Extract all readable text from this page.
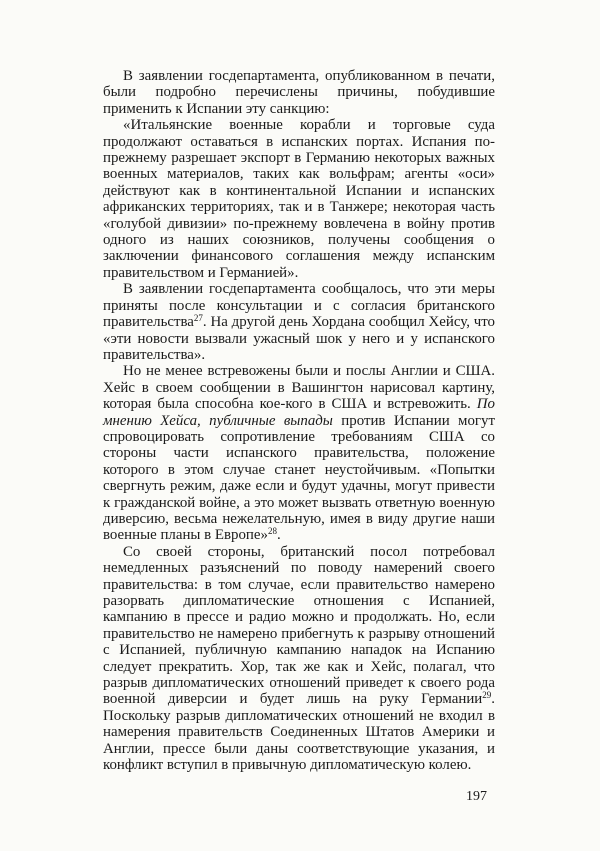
В заявлении госдепартамента, опубликованном в печати, были подробно перечислены причины, побудившие применить к Испании эту санкцию:

«Итальянские военные корабли и торговые суда продолжают оставаться в испанских портах. Испания по-прежнему разрешает экспорт в Германию некоторых важных военных материалов, таких как вольфрам; агенты «оси» действуют как в континентальной Испании и испанских африканских территориях, так и в Танжере; некоторая часть «голубой дивизии» по-прежнему вовлечена в войну против одного из наших союзников, получены сообщения о заключении финансового соглашения между испанским правительством и Германией».

В заявлении госдепартамента сообщалось, что эти меры приняты после консультации и с согласия британского правительства$^{27}$. На другой день Хордана сообщил Хейсу, что «эти новости вызвали ужасный шок у него и у испанского правительства».

Но не менее встревожены были и послы Англии и США. Хейс в своем сообщении в Вашингтон нарисовал картину, которая была способна кое-кого в США и встревожить. По мнению Хейса, публичные выпады против Испании могут спровоцировать сопротивление требованиям США со стороны части испанского правительства, положение которого в этом случае станет неустойчивым. «Попытки свергнуть режим, даже если и будут удачны, могут привести к гражданской войне, а это может вызвать ответную военную диверсию, весьма нежелательную, имея в виду другие наши военные планы в Европе»$^{28}$.

Со своей стороны, британский посол потребовал немедленных разъяснений по поводу намерений своего правительства: в том случае, если правительство намерено разорвать дипломатические отношения с Испанией, кампанию в прессе и радио можно и продолжать. Но, если правительство не намерено прибегнуть к разрыву отношений с Испанией, публичную кампанию нападок на Испанию следует прекратить. Хор, так же как и Хейс, полагал, что разрыв дипломатических отношений приведет к своего рода военной диверсии и будет лишь на руку Германии$^{29}$. Поскольку разрыв дипломатических отношений не входил в намерения правительств Соединенных Штатов Америки и Англии, прессе были даны соответствующие указания, и конфликт вступил в привычную дипломатическую колею.

197
